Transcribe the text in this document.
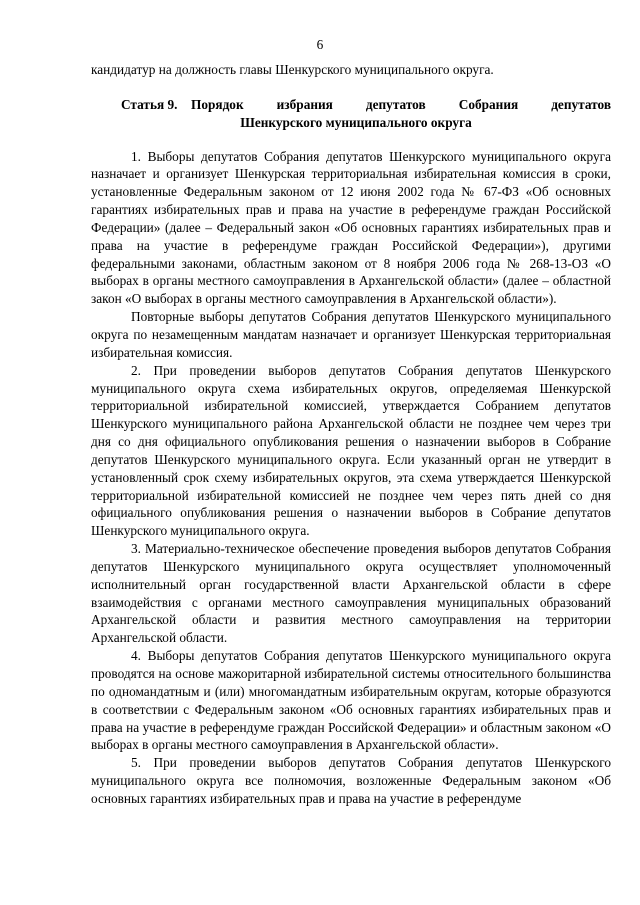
6

кандидатур на должность главы Шенкурского муниципального округа.

Статья 9.	Порядок избрания депутатов Собрания депутатов
Шенкурского муниципального округа

1. Выборы депутатов Собрания депутатов Шенкурского муниципального округа назначает и организует Шенкурская территориальная избирательная комиссия в сроки, установленные Федеральным законом от 12 июня 2002 года № 67-ФЗ «Об основных гарантиях избирательных прав и права на участие в референдуме граждан Российской Федерации» (далее – Федеральный закон «Об основных гарантиях избирательных прав и права на участие в референдуме граждан Российской Федерации»), другими федеральными законами, областным законом от 8 ноября 2006 года № 268-13-ОЗ «О выборах в органы местного самоуправления в Архангельской области» (далее – областной закон «О выборах в органы местного самоуправления в Архангельской области»).

Повторные выборы депутатов Собрания депутатов Шенкурского муниципального округа по незамещенным мандатам назначает и организует Шенкурская территориальная избирательная комиссия.

2. При проведении выборов депутатов Собрания депутатов Шенкурского муниципального округа схема избирательных округов, определяемая Шенкурской территориальной избирательной комиссией, утверждается Собранием депутатов Шенкурского муниципального района Архангельской области не позднее чем через три дня со дня официального опубликования решения о назначении выборов в Собрание депутатов Шенкурского муниципального округа. Если указанный орган не утвердит в установленный срок схему избирательных округов, эта схема утверждается Шенкурской территориальной избирательной комиссией не позднее чем через пять дней со дня официального опубликования решения о назначении выборов в Собрание депутатов Шенкурского муниципального округа.

3. Материально-техническое обеспечение проведения выборов депутатов Собрания депутатов Шенкурского муниципального округа осуществляет уполномоченный исполнительный орган государственной власти Архангельской области в сфере взаимодействия с органами местного самоуправления муниципальных образований Архангельской области и развития местного самоуправления на территории Архангельской области.

4. Выборы депутатов Собрания депутатов Шенкурского муниципального округа проводятся на основе мажоритарной избирательной системы относительного большинства по одномандатным и (или) многомандатным избирательным округам, которые образуются в соответствии с Федеральным законом «Об основных гарантиях избирательных прав и права на участие в референдуме граждан Российской Федерации» и областным законом «О выборах в органы местного самоуправления в Архангельской области».

5. При проведении выборов депутатов Собрания депутатов Шенкурского муниципального округа все полномочия, возложенные Федеральным законом «Об основных гарантиях избирательных прав и права на участие в референдуме
